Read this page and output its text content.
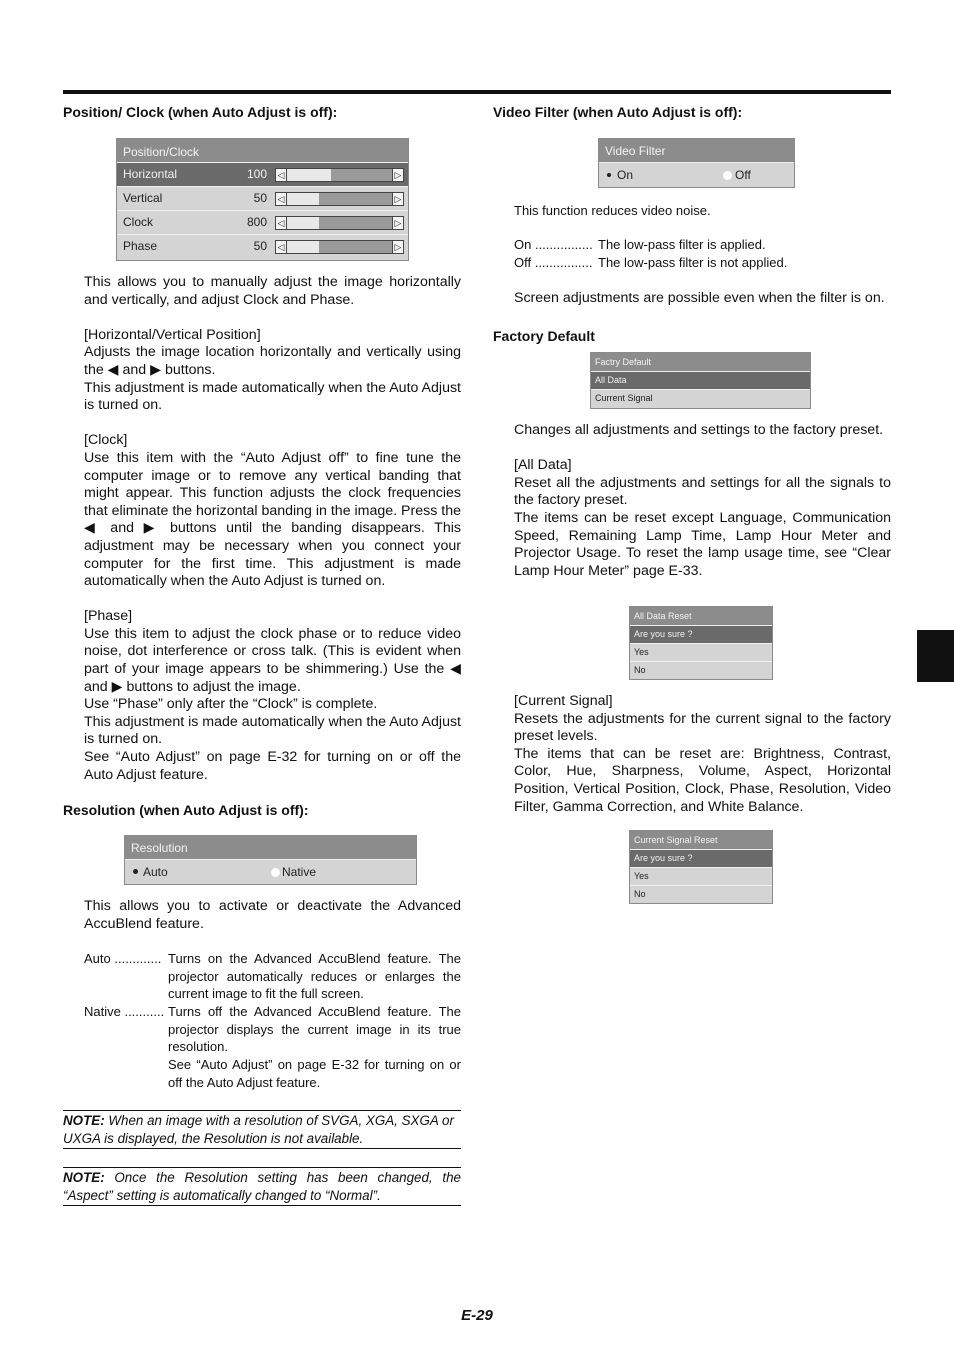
Position/ Clock (when Auto Adjust is off):
Position/Clock
Horizontal	100 ◁	▷
Vertical	50 ◁	▷
Clock	800 ◁	▷
Phase	50 ◁	▷

This allows you to manually adjust the image horizontally and vertically, and adjust Clock and Phase.

[Horizontal/Vertical Position]

Adjusts the image location horizontally and vertically using the ◀ and ▶ buttons.

This adjustment is made automatically when the Auto Adjust is turned on.

[Clock]

Use this item with the “Auto Adjust off” to fine tune the computer image or to remove any vertical banding that might appear. This function adjusts the clock frequencies that eliminate the horizontal banding in the image. Press the ◀ and ▶ buttons until the banding disappears. This adjustment may be necessary when you connect your computer for the first time. This adjustment is made automatically when the Auto Adjust is turned on.

[Phase]

Use this item to adjust the clock phase or to reduce video noise, dot interference or cross talk. (This is evident when part of your image appears to be shimmering.) Use the ◀ and ▶ buttons to adjust the image.

Use “Phase” only after the “Clock” is complete.

This adjustment is made automatically when the Auto Adjust is turned on.

See “Auto Adjust” on page E-32 for turning on or off the Auto Adjust feature.

Resolution (when Auto Adjust is off):
Resolution
Auto	Native

This allows you to activate or deactivate the Advanced AccuBlend feature.

Auto ............. Turns on the Advanced AccuBlend feature. The projector automatically reduces or enlarges the current image to fit the full screen.
Native ........... Turns off the Advanced AccuBlend feature. The projector displays the current image in its true resolution.
See “Auto Adjust” on page E-32 for turning on or off the Auto Adjust feature.
NOTE: When an image with a resolution of SVGA, XGA, SXGA or UXGA is displayed, the Resolution is not available.
NOTE: Once the Resolution setting has been changed, the “Aspect” setting is automatically changed to “Normal”.
Video Filter (when Auto Adjust is off):
Video Filter
On	Off
This function reduces video noise.
On ................ The low-pass filter is applied.
Off ................ The low-pass filter is not applied.
Screen adjustments are possible even when the filter is on.
Factory Default
Factry Default
All Data
Current Signal

Changes all adjustments and settings to the factory preset.

[All Data]

Reset all the adjustments and settings for all the signals to the factory preset.

The items can be reset except Language, Communication Speed, Remaining Lamp Time, Lamp Hour Meter and Projector Usage. To reset the lamp usage time, see “Clear Lamp Hour Meter” page E-33.

All Data Reset
Are you sure ?
Yes
No

[Current Signal]

Resets the adjustments for the current signal to the factory preset levels.

The items that can be reset are: Brightness, Contrast, Color, Hue, Sharpness, Volume, Aspect, Horizontal Position, Vertical Position, Clock, Phase, Resolution, Video Filter, Gamma Correction, and White Balance.

Current Signal Reset
Are you sure ?
Yes
No
E-29
